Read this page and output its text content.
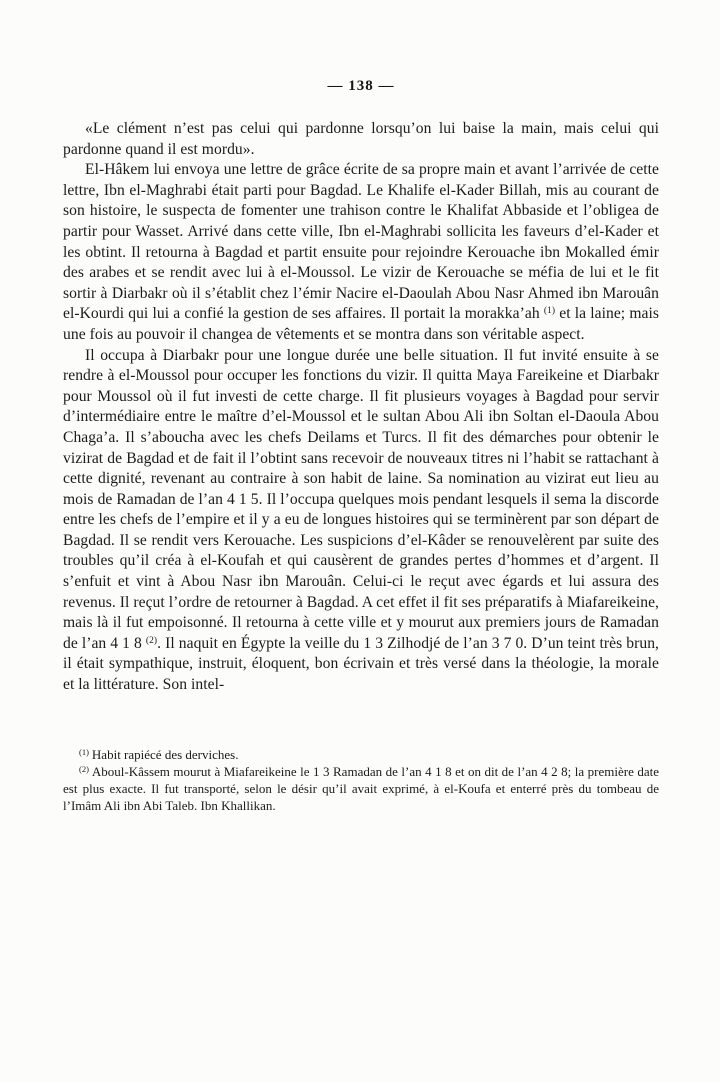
— 138 —

«Le clément n’est pas celui qui pardonne lorsqu’on lui baise la main, mais celui qui pardonne quand il est mordu».

El-Hâkem lui envoya une lettre de grâce écrite de sa propre main et avant l’arrivée de cette lettre, Ibn el-Maghrabi était parti pour Bagdad. Le Khalife el-Kader Billah, mis au courant de son histoire, le suspecta de fomenter une trahison contre le Khalifat Abbaside et l’obligea de partir pour Wasset. Arrivé dans cette ville, Ibn el-Maghrabi sollicita les faveurs d’el-Kader et les obtint. Il retourna à Bagdad et partit ensuite pour rejoindre Kerouache ibn Mokalled émir des arabes et se rendit avec lui à el-Moussol. Le vizir de Kerouache se méfia de lui et le fit sortir à Diarbakr où il s’établit chez l’émir Nacire el-Daoulah Abou Nasr Ahmed ibn Marouân el-Kourdi qui lui a confié la gestion de ses affaires. Il portait la morakka’ah $^{(1)}$ et la laine; mais une fois au pouvoir il changea de vêtements et se montra dans son véritable aspect.

Il occupa à Diarbakr pour une longue durée une belle situation. Il fut invité ensuite à se rendre à el-Moussol pour occuper les fonctions du vizir. Il quitta Maya Fareikeine et Diarbakr pour Moussol où il fut investi de cette charge. Il fit plusieurs voyages à Bagdad pour servir d’intermédiaire entre le maître d’el-Moussol et le sultan Abou Ali ibn Soltan el-Daoula Abou Chaga’a. Il s’aboucha avec les chefs Deilams et Turcs. Il fit des démarches pour obtenir le vizirat de Bagdad et de fait il l’obtint sans recevoir de nouveaux titres ni l’habit se rattachant à cette dignité, revenant au contraire à son habit de laine. Sa nomination au vizirat eut lieu au mois de Ramadan de l’an 4 1 5. Il l’occupa quelques mois pendant lesquels il sema la discorde entre les chefs de l’empire et il y a eu de longues histoires qui se terminèrent par son départ de Bagdad. Il se rendit vers Kerouache. Les suspicions d’el-Kâder se renouvelèrent par suite des troubles qu’il créa à el-Koufah et qui causèrent de grandes pertes d’hommes et d’argent. Il s’enfuit et vint à Abou Nasr ibn Marouân. Celui-ci le reçut avec égards et lui assura des revenus. Il reçut l’ordre de retourner à Bagdad. A cet effet il fit ses préparatifs à Miafareikeine, mais là il fut empoisonné. Il retourna à cette ville et y mourut aux premiers jours de Ramadan de l’an 4 1 8 $^{(2)}$. Il naquit en Égypte la veille du 1 3 Zilhodjé de l’an 3 7 0. D’un teint très brun, il était sympathique, instruit, éloquent, bon écrivain et très versé dans la théologie, la morale et la littérature. Son intel-

$^{(1)}$ Habit rapiécé des derviches.

$^{(2)}$ Aboul-Kâssem mourut à Miafareikeine le 1 3 Ramadan de l’an 4 1 8 et on dit de l’an 4 2 8; la première date est plus exacte. Il fut transporté, selon le désir qu’il avait exprimé, à el-Koufa et enterré près du tombeau de l’Imâm Ali ibn Abi Taleb. Ibn Khallikan.
